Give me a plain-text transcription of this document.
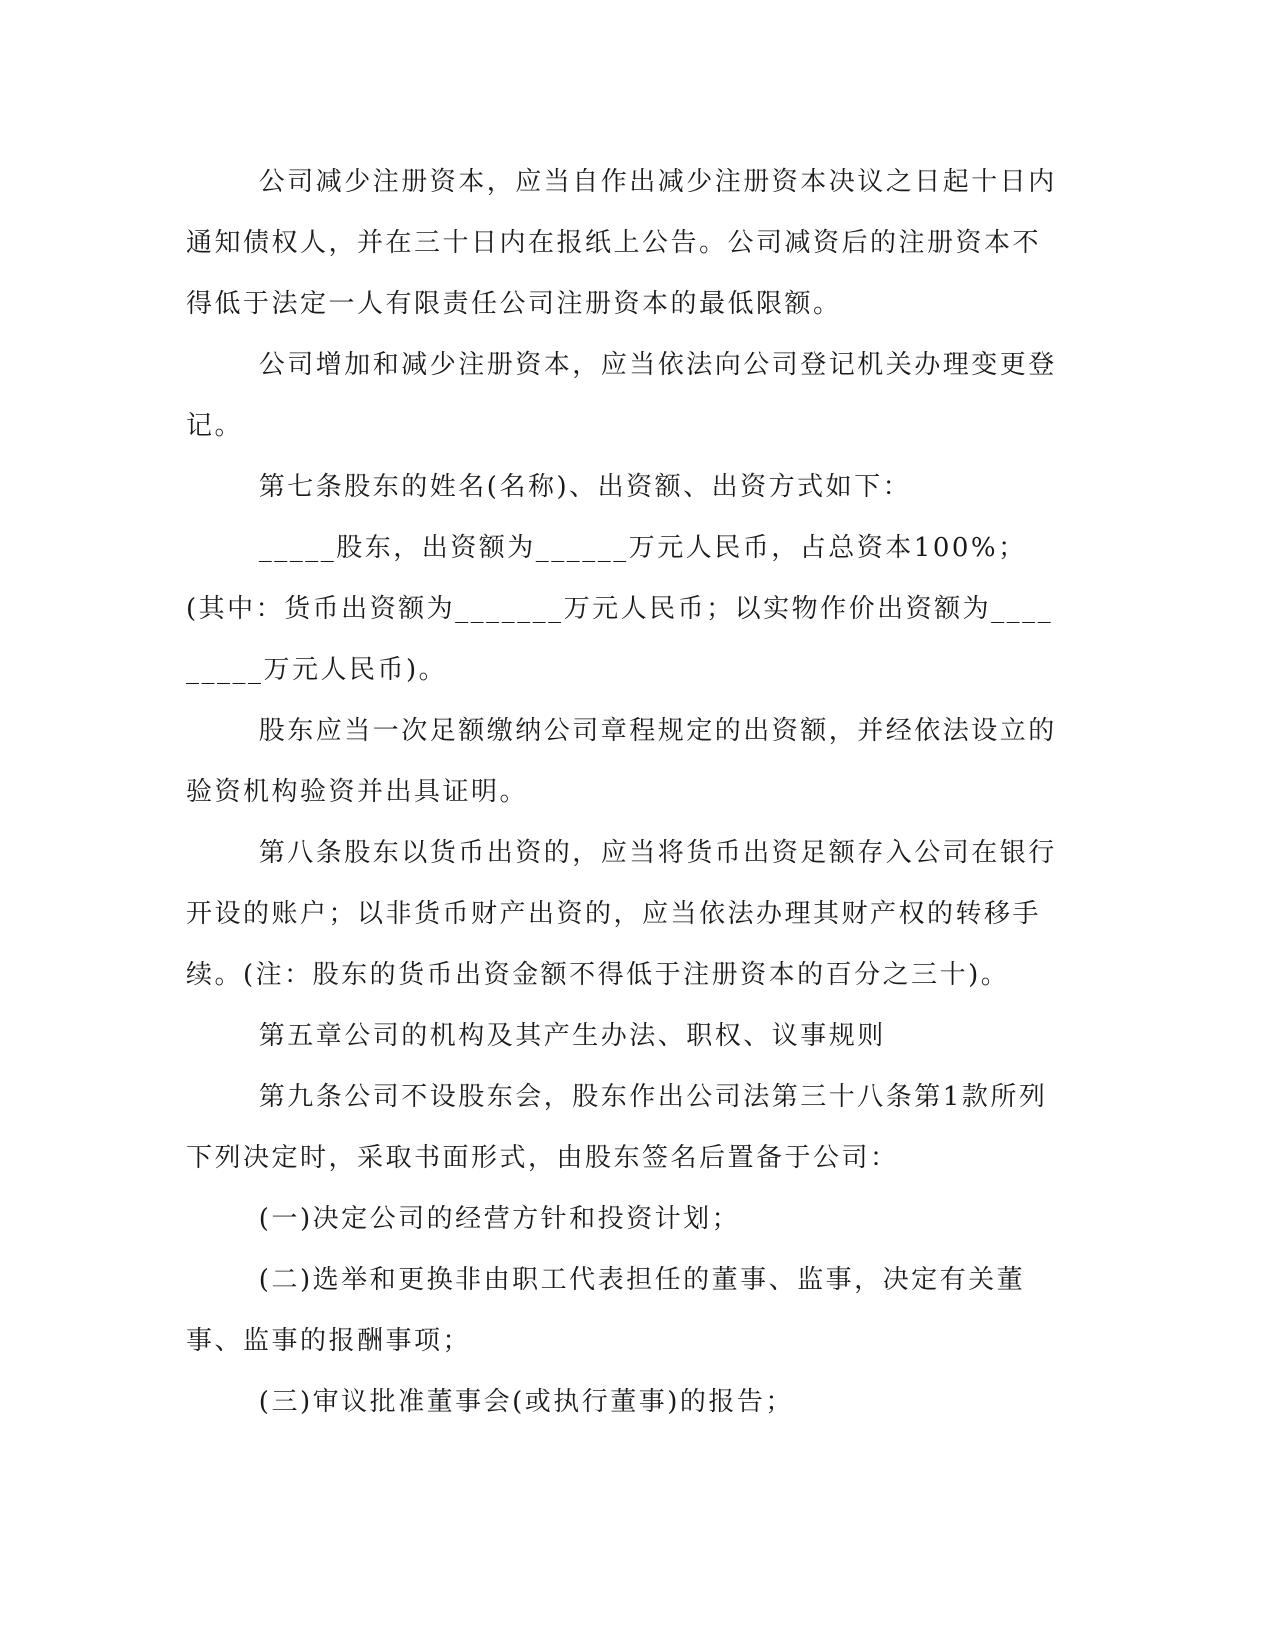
公司减少注册资本，应当自作出减少注册资本决议之日起十日内通知债权人，并在三十日内在报纸上公告。公司减资后的注册资本不得低于法定一人有限责任公司注册资本的最低限额。

公司增加和减少注册资本，应当依法向公司登记机关办理变更登记。

第七条股东的姓名(名称)、出资额、出资方式如下：

_____股东，出资额为______万元人民币，占总资本100%；(其中：货币出资额为_______万元人民币；以实物作价出资额为_________万元人民币)。

股东应当一次足额缴纳公司章程规定的出资额，并经依法设立的验资机构验资并出具证明。

第八条股东以货币出资的，应当将货币出资足额存入公司在银行开设的账户；以非货币财产出资的，应当依法办理其财产权的转移手续。(注：股东的货币出资金额不得低于注册资本的百分之三十)。

第五章公司的机构及其产生办法、职权、议事规则

第九条公司不设股东会，股东作出公司法第三十八条第1款所列下列决定时，采取书面形式，由股东签名后置备于公司：

(一)决定公司的经营方针和投资计划；

(二)选举和更换非由职工代表担任的董事、监事，决定有关董事、监事的报酬事项；

(三)审议批准董事会(或执行董事)的报告；
